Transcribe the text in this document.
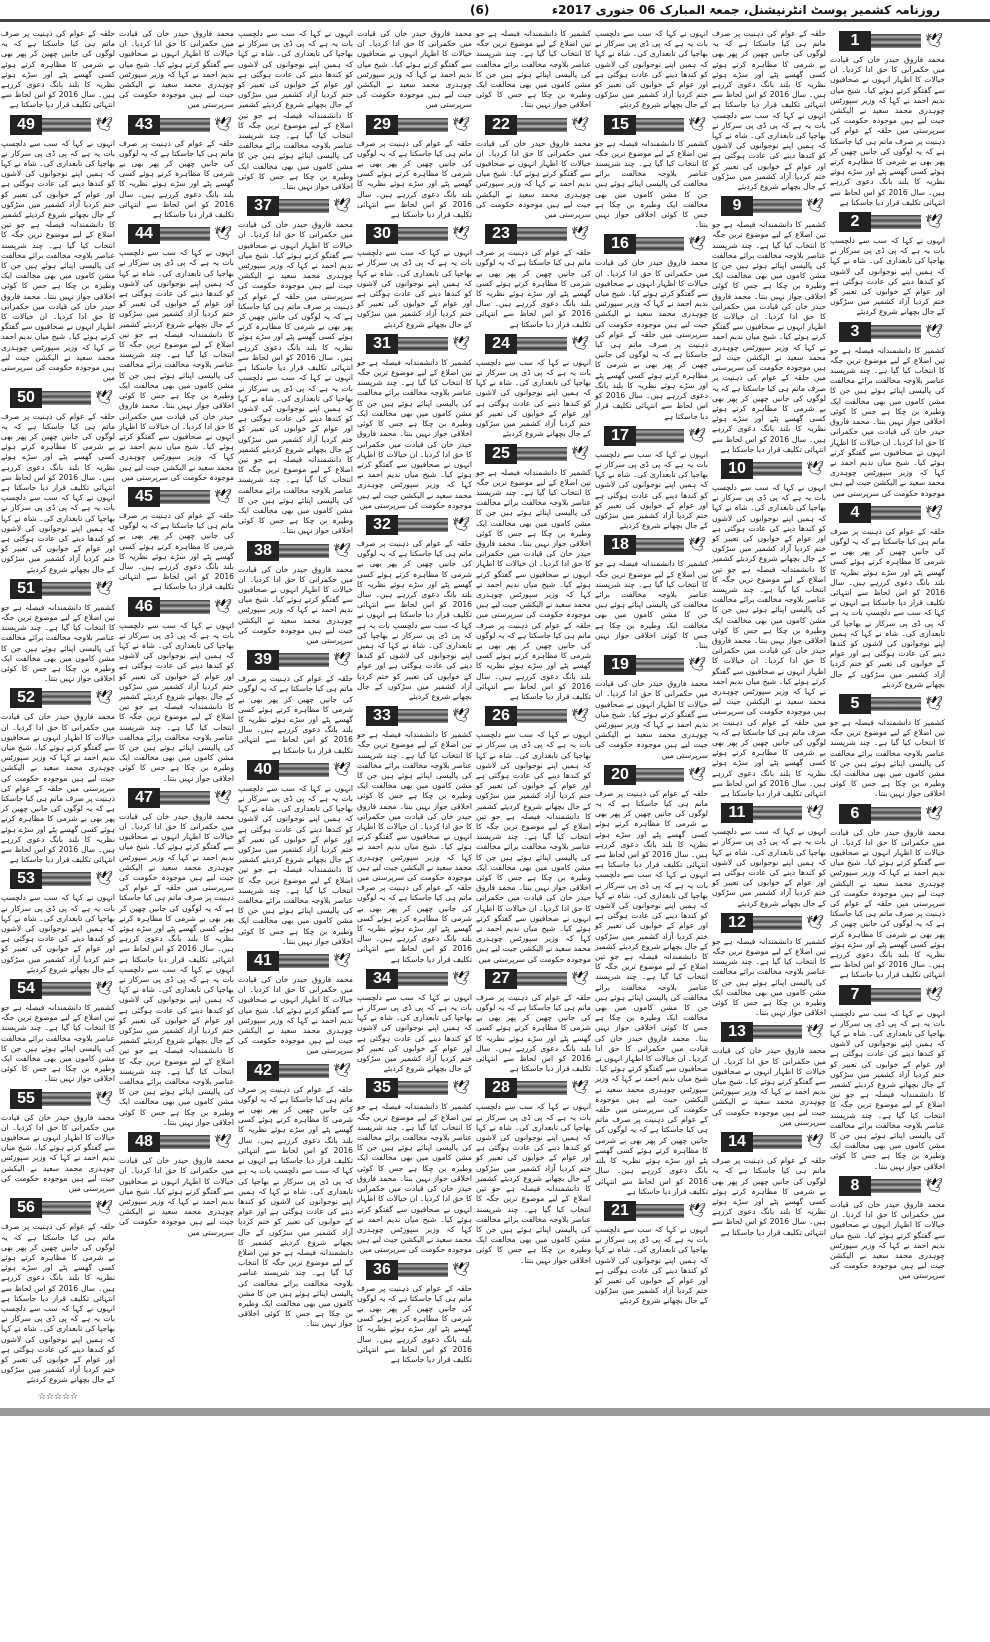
روزنامہ کشمیر پوسٹ انٹرنیشنل، جمعۃ المبارک 06 جنوری 2017ء
(6)
1	🕊
محمد فاروق حیدر خان کی قیادت میں حکمرانی کا حق ادا کردیا۔ ان خیالات کا اظہار انہوں نے صحافیوں سے گفتگو کرتے ہوئے کیا۔ شیخ میاں ندیم احمد نے کہا کہ وزیر سپورٹس چوہدری محمد سعید نے الیکشن جیت لیے ہیں موجودہ حکومت کی سرپرستی میں حلقہ کے عوام کی ذہنیت پر صرف ماتم ہی کیا جاسکتا ہے کہ یہ لوگوں کی جانیں چھین کر پھر بھی بے شرمی کا مظاہرہ کرتے ہوئے کسی گھسے پٹے اور سڑے ہوئے نظریہ کا بلند بانگ دعوی کررہے ہیں۔ سال 2016 کو اس لحاظ سے انتہائی تکلیف قرار دیا جاسکتا ہے
2	🕊
انہوں نے کہا کہ سب سے دلچسپ بات یہ ہے کہ پی ڈی پی سرکار نے بھاجپا کی تابعداری کی۔ شاہ نے کہا کہ ہمیں اپنے نوجوانوں کی لاشوں کو کندھا دینے کی عادت ہوگئی ہے اور عوام کے خوابوں کی تعبیر کو ختم کردیا آزاد کشمیر میں سڑکوں کے جال بچھانے شروع کردیئے
3	🕊
کشمیر کا دانشمندانہ فیصلہ ہے جو تین اضلاع کے لیے موضوع ترین جگہ کا انتخاب کیا گیا ہے۔ چند شرپسند عناصر بلاوجہ مخالفت برائے مخالفت کی پالیسی اپنائے ہوئے ہیں جن کا مشن کاموں میں بھی مخالفت ایک وطیرہ بن چکا ہے جس کا کوئی اخلاقی جواز نہیں بنتا۔ محمد فاروق حیدر خان کی قیادت میں حکمرانی کا حق ادا کردیا۔ ان خیالات کا اظہار انہوں نے صحافیوں سے گفتگو کرتے ہوئے کیا۔ شیخ میاں ندیم احمد نے کہا کہ وزیر سپورٹس چوہدری محمد سعید نے الیکشن جیت لیے ہیں موجودہ حکومت کی سرپرستی میں
4	🕊
حلقہ کے عوام کی ذہنیت پر صرف ماتم ہی کیا جاسکتا ہے کہ یہ لوگوں کی جانیں چھین کر پھر بھی بے شرمی کا مظاہرہ کرتے ہوئے کسی گھسے پٹے اور سڑے ہوئے نظریہ کا بلند بانگ دعوی کررہے ہیں۔ سال 2016 کو اس لحاظ سے انتہائی تکلیف قرار دیا جاسکتا ہے انہوں نے کہا کہ سب سے دلچسپ بات یہ ہے کہ پی ڈی پی سرکار نے بھاجپا کی تابعداری کی۔ شاہ نے کہا کہ ہمیں اپنے نوجوانوں کی لاشوں کو کندھا دینے کی عادت ہوگئی ہے اور عوام کے خوابوں کی تعبیر کو ختم کردیا آزاد کشمیر میں سڑکوں کے جال بچھانے شروع کردیئے
5	🕊
کشمیر کا دانشمندانہ فیصلہ ہے جو تین اضلاع کے لیے موضوع ترین جگہ کا انتخاب کیا گیا ہے۔ چند شرپسند عناصر بلاوجہ مخالفت برائے مخالفت کی پالیسی اپنائے ہوئے ہیں جن کا مشن کاموں میں بھی مخالفت ایک وطیرہ بن چکا ہے جس کا کوئی اخلاقی جواز نہیں بنتا۔
6	🕊
محمد فاروق حیدر خان کی قیادت میں حکمرانی کا حق ادا کردیا۔ ان خیالات کا اظہار انہوں نے صحافیوں سے گفتگو کرتے ہوئے کیا۔ شیخ میاں ندیم احمد نے کہا کہ وزیر سپورٹس چوہدری محمد سعید نے الیکشن جیت لیے ہیں موجودہ حکومت کی سرپرستی میں حلقہ کے عوام کی ذہنیت پر صرف ماتم ہی کیا جاسکتا ہے کہ یہ لوگوں کی جانیں چھین کر پھر بھی بے شرمی کا مظاہرہ کرتے ہوئے کسی گھسے پٹے اور سڑے ہوئے نظریہ کا بلند بانگ دعوی کررہے ہیں۔ سال 2016 کو اس لحاظ سے انتہائی تکلیف قرار دیا جاسکتا ہے
7	🕊
انہوں نے کہا کہ سب سے دلچسپ بات یہ ہے کہ پی ڈی پی سرکار نے بھاجپا کی تابعداری کی۔ شاہ نے کہا کہ ہمیں اپنے نوجوانوں کی لاشوں کو کندھا دینے کی عادت ہوگئی ہے اور عوام کے خوابوں کی تعبیر کو ختم کردیا آزاد کشمیر میں سڑکوں کے جال بچھانے شروع کردیئے کشمیر کا دانشمندانہ فیصلہ ہے جو تین اضلاع کے لیے موضوع ترین جگہ کا انتخاب کیا گیا ہے۔ چند شرپسند عناصر بلاوجہ مخالفت برائے مخالفت کی پالیسی اپنائے ہوئے ہیں جن کا مشن کاموں میں بھی مخالفت ایک وطیرہ بن چکا ہے جس کا کوئی اخلاقی جواز نہیں بنتا۔
8	🕊
محمد فاروق حیدر خان کی قیادت میں حکمرانی کا حق ادا کردیا۔ ان خیالات کا اظہار انہوں نے صحافیوں سے گفتگو کرتے ہوئے کیا۔ شیخ میاں ندیم احمد نے کہا کہ وزیر سپورٹس چوہدری محمد سعید نے الیکشن جیت لیے ہیں موجودہ حکومت کی سرپرستی میں
حلقہ کے عوام کی ذہنیت پر صرف ماتم ہی کیا جاسکتا ہے کہ یہ لوگوں کی جانیں چھین کر پھر بھی بے شرمی کا مظاہرہ کرتے ہوئے کسی گھسے پٹے اور سڑے ہوئے نظریہ کا بلند بانگ دعوی کررہے ہیں۔ سال 2016 کو اس لحاظ سے انتہائی تکلیف قرار دیا جاسکتا ہے انہوں نے کہا کہ سب سے دلچسپ بات یہ ہے کہ پی ڈی پی سرکار نے بھاجپا کی تابعداری کی۔ شاہ نے کہا کہ ہمیں اپنے نوجوانوں کی لاشوں کو کندھا دینے کی عادت ہوگئی ہے اور عوام کے خوابوں کی تعبیر کو ختم کردیا آزاد کشمیر میں سڑکوں کے جال بچھانے شروع کردیئے
9	🕊
کشمیر کا دانشمندانہ فیصلہ ہے جو تین اضلاع کے لیے موضوع ترین جگہ کا انتخاب کیا گیا ہے۔ چند شرپسند عناصر بلاوجہ مخالفت برائے مخالفت کی پالیسی اپنائے ہوئے ہیں جن کا مشن کاموں میں بھی مخالفت ایک وطیرہ بن چکا ہے جس کا کوئی اخلاقی جواز نہیں بنتا۔ محمد فاروق حیدر خان کی قیادت میں حکمرانی کا حق ادا کردیا۔ ان خیالات کا اظہار انہوں نے صحافیوں سے گفتگو کرتے ہوئے کیا۔ شیخ میاں ندیم احمد نے کہا کہ وزیر سپورٹس چوہدری محمد سعید نے الیکشن جیت لیے ہیں موجودہ حکومت کی سرپرستی میں حلقہ کے عوام کی ذہنیت پر صرف ماتم ہی کیا جاسکتا ہے کہ یہ لوگوں کی جانیں چھین کر پھر بھی بے شرمی کا مظاہرہ کرتے ہوئے کسی گھسے پٹے اور سڑے ہوئے نظریہ کا بلند بانگ دعوی کررہے ہیں۔ سال 2016 کو اس لحاظ سے انتہائی تکلیف قرار دیا جاسکتا ہے
10	🕊
انہوں نے کہا کہ سب سے دلچسپ بات یہ ہے کہ پی ڈی پی سرکار نے بھاجپا کی تابعداری کی۔ شاہ نے کہا کہ ہمیں اپنے نوجوانوں کی لاشوں کو کندھا دینے کی عادت ہوگئی ہے اور عوام کے خوابوں کی تعبیر کو ختم کردیا آزاد کشمیر میں سڑکوں کے جال بچھانے شروع کردیئے کشمیر کا دانشمندانہ فیصلہ ہے جو تین اضلاع کے لیے موضوع ترین جگہ کا انتخاب کیا گیا ہے۔ چند شرپسند عناصر بلاوجہ مخالفت برائے مخالفت کی پالیسی اپنائے ہوئے ہیں جن کا مشن کاموں میں بھی مخالفت ایک وطیرہ بن چکا ہے جس کا کوئی اخلاقی جواز نہیں بنتا۔ محمد فاروق حیدر خان کی قیادت میں حکمرانی کا حق ادا کردیا۔ ان خیالات کا اظہار انہوں نے صحافیوں سے گفتگو کرتے ہوئے کیا۔ شیخ میاں ندیم احمد نے کہا کہ وزیر سپورٹس چوہدری محمد سعید نے الیکشن جیت لیے ہیں موجودہ حکومت کی سرپرستی میں حلقہ کے عوام کی ذہنیت پر صرف ماتم ہی کیا جاسکتا ہے کہ یہ لوگوں کی جانیں چھین کر پھر بھی بے شرمی کا مظاہرہ کرتے ہوئے کسی گھسے پٹے اور سڑے ہوئے نظریہ کا بلند بانگ دعوی کررہے ہیں۔ سال 2016 کو اس لحاظ سے انتہائی تکلیف قرار دیا جاسکتا ہے
11	🕊
انہوں نے کہا کہ سب سے دلچسپ بات یہ ہے کہ پی ڈی پی سرکار نے بھاجپا کی تابعداری کی۔ شاہ نے کہا کہ ہمیں اپنے نوجوانوں کی لاشوں کو کندھا دینے کی عادت ہوگئی ہے اور عوام کے خوابوں کی تعبیر کو ختم کردیا آزاد کشمیر میں سڑکوں کے جال بچھانے شروع کردیئے
12	🕊
کشمیر کا دانشمندانہ فیصلہ ہے جو تین اضلاع کے لیے موضوع ترین جگہ کا انتخاب کیا گیا ہے۔ چند شرپسند عناصر بلاوجہ مخالفت برائے مخالفت کی پالیسی اپنائے ہوئے ہیں جن کا مشن کاموں میں بھی مخالفت ایک وطیرہ بن چکا ہے جس کا کوئی اخلاقی جواز نہیں بنتا۔
13	🕊
محمد فاروق حیدر خان کی قیادت میں حکمرانی کا حق ادا کردیا۔ ان خیالات کا اظہار انہوں نے صحافیوں سے گفتگو کرتے ہوئے کیا۔ شیخ میاں ندیم احمد نے کہا کہ وزیر سپورٹس چوہدری محمد سعید نے الیکشن جیت لیے ہیں موجودہ حکومت کی سرپرستی میں
14	🕊
حلقہ کے عوام کی ذہنیت پر صرف ماتم ہی کیا جاسکتا ہے کہ یہ لوگوں کی جانیں چھین کر پھر بھی بے شرمی کا مظاہرہ کرتے ہوئے کسی گھسے پٹے اور سڑے ہوئے نظریہ کا بلند بانگ دعوی کررہے ہیں۔ سال 2016 کو اس لحاظ سے انتہائی تکلیف قرار دیا جاسکتا ہے
انہوں نے کہا کہ سب سے دلچسپ بات یہ ہے کہ پی ڈی پی سرکار نے بھاجپا کی تابعداری کی۔ شاہ نے کہا کہ ہمیں اپنے نوجوانوں کی لاشوں کو کندھا دینے کی عادت ہوگئی ہے اور عوام کے خوابوں کی تعبیر کو ختم کردیا آزاد کشمیر میں سڑکوں کے جال بچھانے شروع کردیئے
15	🕊
کشمیر کا دانشمندانہ فیصلہ ہے جو تین اضلاع کے لیے موضوع ترین جگہ کا انتخاب کیا گیا ہے۔ چند شرپسند عناصر بلاوجہ مخالفت برائے مخالفت کی پالیسی اپنائے ہوئے ہیں جن کا مشن کاموں میں بھی مخالفت ایک وطیرہ بن چکا ہے جس کا کوئی اخلاقی جواز نہیں بنتا۔
16	🕊
محمد فاروق حیدر خان کی قیادت میں حکمرانی کا حق ادا کردیا۔ ان خیالات کا اظہار انہوں نے صحافیوں سے گفتگو کرتے ہوئے کیا۔ شیخ میاں ندیم احمد نے کہا کہ وزیر سپورٹس چوہدری محمد سعید نے الیکشن جیت لیے ہیں موجودہ حکومت کی سرپرستی میں حلقہ کے عوام کی ذہنیت پر صرف ماتم ہی کیا جاسکتا ہے کہ یہ لوگوں کی جانیں چھین کر پھر بھی بے شرمی کا مظاہرہ کرتے ہوئے کسی گھسے پٹے اور سڑے ہوئے نظریہ کا بلند بانگ دعوی کررہے ہیں۔ سال 2016 کو اس لحاظ سے انتہائی تکلیف قرار دیا جاسکتا ہے
17	🕊
انہوں نے کہا کہ سب سے دلچسپ بات یہ ہے کہ پی ڈی پی سرکار نے بھاجپا کی تابعداری کی۔ شاہ نے کہا کہ ہمیں اپنے نوجوانوں کی لاشوں کو کندھا دینے کی عادت ہوگئی ہے اور عوام کے خوابوں کی تعبیر کو ختم کردیا آزاد کشمیر میں سڑکوں کے جال بچھانے شروع کردیئے
18	🕊
کشمیر کا دانشمندانہ فیصلہ ہے جو تین اضلاع کے لیے موضوع ترین جگہ کا انتخاب کیا گیا ہے۔ چند شرپسند عناصر بلاوجہ مخالفت برائے مخالفت کی پالیسی اپنائے ہوئے ہیں جن کا مشن کاموں میں بھی مخالفت ایک وطیرہ بن چکا ہے جس کا کوئی اخلاقی جواز نہیں بنتا۔
19	🕊
محمد فاروق حیدر خان کی قیادت میں حکمرانی کا حق ادا کردیا۔ ان خیالات کا اظہار انہوں نے صحافیوں سے گفتگو کرتے ہوئے کیا۔ شیخ میاں ندیم احمد نے کہا کہ وزیر سپورٹس چوہدری محمد سعید نے الیکشن جیت لیے ہیں موجودہ حکومت کی سرپرستی میں
20	🕊
حلقہ کے عوام کی ذہنیت پر صرف ماتم ہی کیا جاسکتا ہے کہ یہ لوگوں کی جانیں چھین کر پھر بھی بے شرمی کا مظاہرہ کرتے ہوئے کسی گھسے پٹے اور سڑے ہوئے نظریہ کا بلند بانگ دعوی کررہے ہیں۔ سال 2016 کو اس لحاظ سے انتہائی تکلیف قرار دیا جاسکتا ہے انہوں نے کہا کہ سب سے دلچسپ بات یہ ہے کہ پی ڈی پی سرکار نے بھاجپا کی تابعداری کی۔ شاہ نے کہا کہ ہمیں اپنے نوجوانوں کی لاشوں کو کندھا دینے کی عادت ہوگئی ہے اور عوام کے خوابوں کی تعبیر کو ختم کردیا آزاد کشمیر میں سڑکوں کے جال بچھانے شروع کردیئے کشمیر کا دانشمندانہ فیصلہ ہے جو تین اضلاع کے لیے موضوع ترین جگہ کا انتخاب کیا گیا ہے۔ چند شرپسند عناصر بلاوجہ مخالفت برائے مخالفت کی پالیسی اپنائے ہوئے ہیں جن کا مشن کاموں میں بھی مخالفت ایک وطیرہ بن چکا ہے جس کا کوئی اخلاقی جواز نہیں بنتا۔ محمد فاروق حیدر خان کی قیادت میں حکمرانی کا حق ادا کردیا۔ ان خیالات کا اظہار انہوں نے صحافیوں سے گفتگو کرتے ہوئے کیا۔ شیخ میاں ندیم احمد نے کہا کہ وزیر سپورٹس چوہدری محمد سعید نے الیکشن جیت لیے ہیں موجودہ حکومت کی سرپرستی میں حلقہ کے عوام کی ذہنیت پر صرف ماتم ہی کیا جاسکتا ہے کہ یہ لوگوں کی جانیں چھین کر پھر بھی بے شرمی کا مظاہرہ کرتے ہوئے کسی گھسے پٹے اور سڑے ہوئے نظریہ کا بلند بانگ دعوی کررہے ہیں۔ سال 2016 کو اس لحاظ سے انتہائی تکلیف قرار دیا جاسکتا ہے
21	🕊
انہوں نے کہا کہ سب سے دلچسپ بات یہ ہے کہ پی ڈی پی سرکار نے بھاجپا کی تابعداری کی۔ شاہ نے کہا کہ ہمیں اپنے نوجوانوں کی لاشوں کو کندھا دینے کی عادت ہوگئی ہے اور عوام کے خوابوں کی تعبیر کو ختم کردیا آزاد کشمیر میں سڑکوں کے جال بچھانے شروع کردیئے
کشمیر کا دانشمندانہ فیصلہ ہے جو تین اضلاع کے لیے موضوع ترین جگہ کا انتخاب کیا گیا ہے۔ چند شرپسند عناصر بلاوجہ مخالفت برائے مخالفت کی پالیسی اپنائے ہوئے ہیں جن کا مشن کاموں میں بھی مخالفت ایک وطیرہ بن چکا ہے جس کا کوئی اخلاقی جواز نہیں بنتا۔
22	🕊
محمد فاروق حیدر خان کی قیادت میں حکمرانی کا حق ادا کردیا۔ ان خیالات کا اظہار انہوں نے صحافیوں سے گفتگو کرتے ہوئے کیا۔ شیخ میاں ندیم احمد نے کہا کہ وزیر سپورٹس چوہدری محمد سعید نے الیکشن جیت لیے ہیں موجودہ حکومت کی سرپرستی میں
23	🕊
حلقہ کے عوام کی ذہنیت پر صرف ماتم ہی کیا جاسکتا ہے کہ یہ لوگوں کی جانیں چھین کر پھر بھی بے شرمی کا مظاہرہ کرتے ہوئے کسی گھسے پٹے اور سڑے ہوئے نظریہ کا بلند بانگ دعوی کررہے ہیں۔ سال 2016 کو اس لحاظ سے انتہائی تکلیف قرار دیا جاسکتا ہے
24	🕊
انہوں نے کہا کہ سب سے دلچسپ بات یہ ہے کہ پی ڈی پی سرکار نے بھاجپا کی تابعداری کی۔ شاہ نے کہا کہ ہمیں اپنے نوجوانوں کی لاشوں کو کندھا دینے کی عادت ہوگئی ہے اور عوام کے خوابوں کی تعبیر کو ختم کردیا آزاد کشمیر میں سڑکوں کے جال بچھانے شروع کردیئے
25	🕊
کشمیر کا دانشمندانہ فیصلہ ہے جو تین اضلاع کے لیے موضوع ترین جگہ کا انتخاب کیا گیا ہے۔ چند شرپسند عناصر بلاوجہ مخالفت برائے مخالفت کی پالیسی اپنائے ہوئے ہیں جن کا مشن کاموں میں بھی مخالفت ایک وطیرہ بن چکا ہے جس کا کوئی اخلاقی جواز نہیں بنتا۔ محمد فاروق حیدر خان کی قیادت میں حکمرانی کا حق ادا کردیا۔ ان خیالات کا اظہار انہوں نے صحافیوں سے گفتگو کرتے ہوئے کیا۔ شیخ میاں ندیم احمد نے کہا کہ وزیر سپورٹس چوہدری محمد سعید نے الیکشن جیت لیے ہیں موجودہ حکومت کی سرپرستی میں حلقہ کے عوام کی ذہنیت پر صرف ماتم ہی کیا جاسکتا ہے کہ یہ لوگوں کی جانیں چھین کر پھر بھی بے شرمی کا مظاہرہ کرتے ہوئے کسی گھسے پٹے اور سڑے ہوئے نظریہ کا بلند بانگ دعوی کررہے ہیں۔ سال 2016 کو اس لحاظ سے انتہائی تکلیف قرار دیا جاسکتا ہے
26	🕊
انہوں نے کہا کہ سب سے دلچسپ بات یہ ہے کہ پی ڈی پی سرکار نے بھاجپا کی تابعداری کی۔ شاہ نے کہا کہ ہمیں اپنے نوجوانوں کی لاشوں کو کندھا دینے کی عادت ہوگئی ہے اور عوام کے خوابوں کی تعبیر کو ختم کردیا آزاد کشمیر میں سڑکوں کے جال بچھانے شروع کردیئے کشمیر کا دانشمندانہ فیصلہ ہے جو تین اضلاع کے لیے موضوع ترین جگہ کا انتخاب کیا گیا ہے۔ چند شرپسند عناصر بلاوجہ مخالفت برائے مخالفت کی پالیسی اپنائے ہوئے ہیں جن کا مشن کاموں میں بھی مخالفت ایک وطیرہ بن چکا ہے جس کا کوئی اخلاقی جواز نہیں بنتا۔ محمد فاروق حیدر خان کی قیادت میں حکمرانی کا حق ادا کردیا۔ ان خیالات کا اظہار انہوں نے صحافیوں سے گفتگو کرتے ہوئے کیا۔ شیخ میاں ندیم احمد نے کہا کہ وزیر سپورٹس چوہدری محمد سعید نے الیکشن جیت لیے ہیں موجودہ حکومت کی سرپرستی میں
27	🕊
حلقہ کے عوام کی ذہنیت پر صرف ماتم ہی کیا جاسکتا ہے کہ یہ لوگوں کی جانیں چھین کر پھر بھی بے شرمی کا مظاہرہ کرتے ہوئے کسی گھسے پٹے اور سڑے ہوئے نظریہ کا بلند بانگ دعوی کررہے ہیں۔ سال 2016 کو اس لحاظ سے انتہائی تکلیف قرار دیا جاسکتا ہے
28	🕊
انہوں نے کہا کہ سب سے دلچسپ بات یہ ہے کہ پی ڈی پی سرکار نے بھاجپا کی تابعداری کی۔ شاہ نے کہا کہ ہمیں اپنے نوجوانوں کی لاشوں کو کندھا دینے کی عادت ہوگئی ہے اور عوام کے خوابوں کی تعبیر کو ختم کردیا آزاد کشمیر میں سڑکوں کے جال بچھانے شروع کردیئے کشمیر کا دانشمندانہ فیصلہ ہے جو تین اضلاع کے لیے موضوع ترین جگہ کا انتخاب کیا گیا ہے۔ چند شرپسند عناصر بلاوجہ مخالفت برائے مخالفت کی پالیسی اپنائے ہوئے ہیں جن کا مشن کاموں میں بھی مخالفت ایک وطیرہ بن چکا ہے جس کا کوئی اخلاقی جواز نہیں بنتا۔
محمد فاروق حیدر خان کی قیادت میں حکمرانی کا حق ادا کردیا۔ ان خیالات کا اظہار انہوں نے صحافیوں سے گفتگو کرتے ہوئے کیا۔ شیخ میاں ندیم احمد نے کہا کہ وزیر سپورٹس چوہدری محمد سعید نے الیکشن جیت لیے ہیں موجودہ حکومت کی سرپرستی میں
29	🕊
حلقہ کے عوام کی ذہنیت پر صرف ماتم ہی کیا جاسکتا ہے کہ یہ لوگوں کی جانیں چھین کر پھر بھی بے شرمی کا مظاہرہ کرتے ہوئے کسی گھسے پٹے اور سڑے ہوئے نظریہ کا بلند بانگ دعوی کررہے ہیں۔ سال 2016 کو اس لحاظ سے انتہائی تکلیف قرار دیا جاسکتا ہے
30	🕊
انہوں نے کہا کہ سب سے دلچسپ بات یہ ہے کہ پی ڈی پی سرکار نے بھاجپا کی تابعداری کی۔ شاہ نے کہا کہ ہمیں اپنے نوجوانوں کی لاشوں کو کندھا دینے کی عادت ہوگئی ہے اور عوام کے خوابوں کی تعبیر کو ختم کردیا آزاد کشمیر میں سڑکوں کے جال بچھانے شروع کردیئے
31	🕊
کشمیر کا دانشمندانہ فیصلہ ہے جو تین اضلاع کے لیے موضوع ترین جگہ کا انتخاب کیا گیا ہے۔ چند شرپسند عناصر بلاوجہ مخالفت برائے مخالفت کی پالیسی اپنائے ہوئے ہیں جن کا مشن کاموں میں بھی مخالفت ایک وطیرہ بن چکا ہے جس کا کوئی اخلاقی جواز نہیں بنتا۔ محمد فاروق حیدر خان کی قیادت میں حکمرانی کا حق ادا کردیا۔ ان خیالات کا اظہار انہوں نے صحافیوں سے گفتگو کرتے ہوئے کیا۔ شیخ میاں ندیم احمد نے کہا کہ وزیر سپورٹس چوہدری محمد سعید نے الیکشن جیت لیے ہیں موجودہ حکومت کی سرپرستی میں
32	🕊
حلقہ کے عوام کی ذہنیت پر صرف ماتم ہی کیا جاسکتا ہے کہ یہ لوگوں کی جانیں چھین کر پھر بھی بے شرمی کا مظاہرہ کرتے ہوئے کسی گھسے پٹے اور سڑے ہوئے نظریہ کا بلند بانگ دعوی کررہے ہیں۔ سال 2016 کو اس لحاظ سے انتہائی تکلیف قرار دیا جاسکتا ہے انہوں نے کہا کہ سب سے دلچسپ بات یہ ہے کہ پی ڈی پی سرکار نے بھاجپا کی تابعداری کی۔ شاہ نے کہا کہ ہمیں اپنے نوجوانوں کی لاشوں کو کندھا دینے کی عادت ہوگئی ہے اور عوام کے خوابوں کی تعبیر کو ختم کردیا آزاد کشمیر میں سڑکوں کے جال بچھانے شروع کردیئے
33	🕊
کشمیر کا دانشمندانہ فیصلہ ہے جو تین اضلاع کے لیے موضوع ترین جگہ کا انتخاب کیا گیا ہے۔ چند شرپسند عناصر بلاوجہ مخالفت برائے مخالفت کی پالیسی اپنائے ہوئے ہیں جن کا مشن کاموں میں بھی مخالفت ایک وطیرہ بن چکا ہے جس کا کوئی اخلاقی جواز نہیں بنتا۔ محمد فاروق حیدر خان کی قیادت میں حکمرانی کا حق ادا کردیا۔ ان خیالات کا اظہار انہوں نے صحافیوں سے گفتگو کرتے ہوئے کیا۔ شیخ میاں ندیم احمد نے کہا کہ وزیر سپورٹس چوہدری محمد سعید نے الیکشن جیت لیے ہیں موجودہ حکومت کی سرپرستی میں حلقہ کے عوام کی ذہنیت پر صرف ماتم ہی کیا جاسکتا ہے کہ یہ لوگوں کی جانیں چھین کر پھر بھی بے شرمی کا مظاہرہ کرتے ہوئے کسی گھسے پٹے اور سڑے ہوئے نظریہ کا بلند بانگ دعوی کررہے ہیں۔ سال 2016 کو اس لحاظ سے انتہائی تکلیف قرار دیا جاسکتا ہے
34	🕊
انہوں نے کہا کہ سب سے دلچسپ بات یہ ہے کہ پی ڈی پی سرکار نے بھاجپا کی تابعداری کی۔ شاہ نے کہا کہ ہمیں اپنے نوجوانوں کی لاشوں کو کندھا دینے کی عادت ہوگئی ہے اور عوام کے خوابوں کی تعبیر کو ختم کردیا آزاد کشمیر میں سڑکوں کے جال بچھانے شروع کردیئے
35	🕊
کشمیر کا دانشمندانہ فیصلہ ہے جو تین اضلاع کے لیے موضوع ترین جگہ کا انتخاب کیا گیا ہے۔ چند شرپسند عناصر بلاوجہ مخالفت برائے مخالفت کی پالیسی اپنائے ہوئے ہیں جن کا مشن کاموں میں بھی مخالفت ایک وطیرہ بن چکا ہے جس کا کوئی اخلاقی جواز نہیں بنتا۔ محمد فاروق حیدر خان کی قیادت میں حکمرانی کا حق ادا کردیا۔ ان خیالات کا اظہار انہوں نے صحافیوں سے گفتگو کرتے ہوئے کیا۔ شیخ میاں ندیم احمد نے کہا کہ وزیر سپورٹس چوہدری محمد سعید نے الیکشن جیت لیے ہیں موجودہ حکومت کی سرپرستی میں
36	🕊
حلقہ کے عوام کی ذہنیت پر صرف ماتم ہی کیا جاسکتا ہے کہ یہ لوگوں کی جانیں چھین کر پھر بھی بے شرمی کا مظاہرہ کرتے ہوئے کسی گھسے پٹے اور سڑے ہوئے نظریہ کا بلند بانگ دعوی کررہے ہیں۔ سال 2016 کو اس لحاظ سے انتہائی تکلیف قرار دیا جاسکتا ہے
انہوں نے کہا کہ سب سے دلچسپ بات یہ ہے کہ پی ڈی پی سرکار نے بھاجپا کی تابعداری کی۔ شاہ نے کہا کہ ہمیں اپنے نوجوانوں کی لاشوں کو کندھا دینے کی عادت ہوگئی ہے اور عوام کے خوابوں کی تعبیر کو ختم کردیا آزاد کشمیر میں سڑکوں کے جال بچھانے شروع کردیئے کشمیر کا دانشمندانہ فیصلہ ہے جو تین اضلاع کے لیے موضوع ترین جگہ کا انتخاب کیا گیا ہے۔ چند شرپسند عناصر بلاوجہ مخالفت برائے مخالفت کی پالیسی اپنائے ہوئے ہیں جن کا مشن کاموں میں بھی مخالفت ایک وطیرہ بن چکا ہے جس کا کوئی اخلاقی جواز نہیں بنتا۔
37	🕊
محمد فاروق حیدر خان کی قیادت میں حکمرانی کا حق ادا کردیا۔ ان خیالات کا اظہار انہوں نے صحافیوں سے گفتگو کرتے ہوئے کیا۔ شیخ میاں ندیم احمد نے کہا کہ وزیر سپورٹس چوہدری محمد سعید نے الیکشن جیت لیے ہیں موجودہ حکومت کی سرپرستی میں حلقہ کے عوام کی ذہنیت پر صرف ماتم ہی کیا جاسکتا ہے کہ یہ لوگوں کی جانیں چھین کر پھر بھی بے شرمی کا مظاہرہ کرتے ہوئے کسی گھسے پٹے اور سڑے ہوئے نظریہ کا بلند بانگ دعوی کررہے ہیں۔ سال 2016 کو اس لحاظ سے انتہائی تکلیف قرار دیا جاسکتا ہے انہوں نے کہا کہ سب سے دلچسپ بات یہ ہے کہ پی ڈی پی سرکار نے بھاجپا کی تابعداری کی۔ شاہ نے کہا کہ ہمیں اپنے نوجوانوں کی لاشوں کو کندھا دینے کی عادت ہوگئی ہے اور عوام کے خوابوں کی تعبیر کو ختم کردیا آزاد کشمیر میں سڑکوں کے جال بچھانے شروع کردیئے کشمیر کا دانشمندانہ فیصلہ ہے جو تین اضلاع کے لیے موضوع ترین جگہ کا انتخاب کیا گیا ہے۔ چند شرپسند عناصر بلاوجہ مخالفت برائے مخالفت کی پالیسی اپنائے ہوئے ہیں جن کا مشن کاموں میں بھی مخالفت ایک وطیرہ بن چکا ہے جس کا کوئی اخلاقی جواز نہیں بنتا۔
38	🕊
محمد فاروق حیدر خان کی قیادت میں حکمرانی کا حق ادا کردیا۔ ان خیالات کا اظہار انہوں نے صحافیوں سے گفتگو کرتے ہوئے کیا۔ شیخ میاں ندیم احمد نے کہا کہ وزیر سپورٹس چوہدری محمد سعید نے الیکشن جیت لیے ہیں موجودہ حکومت کی سرپرستی میں
39	🕊
حلقہ کے عوام کی ذہنیت پر صرف ماتم ہی کیا جاسکتا ہے کہ یہ لوگوں کی جانیں چھین کر پھر بھی بے شرمی کا مظاہرہ کرتے ہوئے کسی گھسے پٹے اور سڑے ہوئے نظریہ کا بلند بانگ دعوی کررہے ہیں۔ سال 2016 کو اس لحاظ سے انتہائی تکلیف قرار دیا جاسکتا ہے
40	🕊
انہوں نے کہا کہ سب سے دلچسپ بات یہ ہے کہ پی ڈی پی سرکار نے بھاجپا کی تابعداری کی۔ شاہ نے کہا کہ ہمیں اپنے نوجوانوں کی لاشوں کو کندھا دینے کی عادت ہوگئی ہے اور عوام کے خوابوں کی تعبیر کو ختم کردیا آزاد کشمیر میں سڑکوں کے جال بچھانے شروع کردیئے کشمیر کا دانشمندانہ فیصلہ ہے جو تین اضلاع کے لیے موضوع ترین جگہ کا انتخاب کیا گیا ہے۔ چند شرپسند عناصر بلاوجہ مخالفت برائے مخالفت کی پالیسی اپنائے ہوئے ہیں جن کا مشن کاموں میں بھی مخالفت ایک وطیرہ بن چکا ہے جس کا کوئی اخلاقی جواز نہیں بنتا۔
41	🕊
محمد فاروق حیدر خان کی قیادت میں حکمرانی کا حق ادا کردیا۔ ان خیالات کا اظہار انہوں نے صحافیوں سے گفتگو کرتے ہوئے کیا۔ شیخ میاں ندیم احمد نے کہا کہ وزیر سپورٹس چوہدری محمد سعید نے الیکشن جیت لیے ہیں موجودہ حکومت کی سرپرستی میں
42	🕊
حلقہ کے عوام کی ذہنیت پر صرف ماتم ہی کیا جاسکتا ہے کہ یہ لوگوں کی جانیں چھین کر پھر بھی بے شرمی کا مظاہرہ کرتے ہوئے کسی گھسے پٹے اور سڑے ہوئے نظریہ کا بلند بانگ دعوی کررہے ہیں۔ سال 2016 کو اس لحاظ سے انتہائی تکلیف قرار دیا جاسکتا ہے انہوں نے کہا کہ سب سے دلچسپ بات یہ ہے کہ پی ڈی پی سرکار نے بھاجپا کی تابعداری کی۔ شاہ نے کہا کہ ہمیں اپنے نوجوانوں کی لاشوں کو کندھا دینے کی عادت ہوگئی ہے اور عوام کے خوابوں کی تعبیر کو ختم کردیا آزاد کشمیر میں سڑکوں کے جال بچھانے شروع کردیئے کشمیر کا دانشمندانہ فیصلہ ہے جو تین اضلاع کے لیے موضوع ترین جگہ کا انتخاب کیا گیا ہے۔ چند شرپسند عناصر بلاوجہ مخالفت برائے مخالفت کی پالیسی اپنائے ہوئے ہیں جن کا مشن کاموں میں بھی مخالفت ایک وطیرہ بن چکا ہے جس کا کوئی اخلاقی جواز نہیں بنتا۔
محمد فاروق حیدر خان کی قیادت میں حکمرانی کا حق ادا کردیا۔ ان خیالات کا اظہار انہوں نے صحافیوں سے گفتگو کرتے ہوئے کیا۔ شیخ میاں ندیم احمد نے کہا کہ وزیر سپورٹس چوہدری محمد سعید نے الیکشن جیت لیے ہیں موجودہ حکومت کی سرپرستی میں
43	🕊
حلقہ کے عوام کی ذہنیت پر صرف ماتم ہی کیا جاسکتا ہے کہ یہ لوگوں کی جانیں چھین کر پھر بھی بے شرمی کا مظاہرہ کرتے ہوئے کسی گھسے پٹے اور سڑے ہوئے نظریہ کا بلند بانگ دعوی کررہے ہیں۔ سال 2016 کو اس لحاظ سے انتہائی تکلیف قرار دیا جاسکتا ہے
44	🕊
انہوں نے کہا کہ سب سے دلچسپ بات یہ ہے کہ پی ڈی پی سرکار نے بھاجپا کی تابعداری کی۔ شاہ نے کہا کہ ہمیں اپنے نوجوانوں کی لاشوں کو کندھا دینے کی عادت ہوگئی ہے اور عوام کے خوابوں کی تعبیر کو ختم کردیا آزاد کشمیر میں سڑکوں کے جال بچھانے شروع کردیئے کشمیر کا دانشمندانہ فیصلہ ہے جو تین اضلاع کے لیے موضوع ترین جگہ کا انتخاب کیا گیا ہے۔ چند شرپسند عناصر بلاوجہ مخالفت برائے مخالفت کی پالیسی اپنائے ہوئے ہیں جن کا مشن کاموں میں بھی مخالفت ایک وطیرہ بن چکا ہے جس کا کوئی اخلاقی جواز نہیں بنتا۔ محمد فاروق حیدر خان کی قیادت میں حکمرانی کا حق ادا کردیا۔ ان خیالات کا اظہار انہوں نے صحافیوں سے گفتگو کرتے ہوئے کیا۔ شیخ میاں ندیم احمد نے کہا کہ وزیر سپورٹس چوہدری محمد سعید نے الیکشن جیت لیے ہیں موجودہ حکومت کی سرپرستی میں
45	🕊
حلقہ کے عوام کی ذہنیت پر صرف ماتم ہی کیا جاسکتا ہے کہ یہ لوگوں کی جانیں چھین کر پھر بھی بے شرمی کا مظاہرہ کرتے ہوئے کسی گھسے پٹے اور سڑے ہوئے نظریہ کا بلند بانگ دعوی کررہے ہیں۔ سال 2016 کو اس لحاظ سے انتہائی تکلیف قرار دیا جاسکتا ہے
46	🕊
انہوں نے کہا کہ سب سے دلچسپ بات یہ ہے کہ پی ڈی پی سرکار نے بھاجپا کی تابعداری کی۔ شاہ نے کہا کہ ہمیں اپنے نوجوانوں کی لاشوں کو کندھا دینے کی عادت ہوگئی ہے اور عوام کے خوابوں کی تعبیر کو ختم کردیا آزاد کشمیر میں سڑکوں کے جال بچھانے شروع کردیئے کشمیر کا دانشمندانہ فیصلہ ہے جو تین اضلاع کے لیے موضوع ترین جگہ کا انتخاب کیا گیا ہے۔ چند شرپسند عناصر بلاوجہ مخالفت برائے مخالفت کی پالیسی اپنائے ہوئے ہیں جن کا مشن کاموں میں بھی مخالفت ایک وطیرہ بن چکا ہے جس کا کوئی اخلاقی جواز نہیں بنتا۔
47	🕊
محمد فاروق حیدر خان کی قیادت میں حکمرانی کا حق ادا کردیا۔ ان خیالات کا اظہار انہوں نے صحافیوں سے گفتگو کرتے ہوئے کیا۔ شیخ میاں ندیم احمد نے کہا کہ وزیر سپورٹس چوہدری محمد سعید نے الیکشن جیت لیے ہیں موجودہ حکومت کی سرپرستی میں حلقہ کے عوام کی ذہنیت پر صرف ماتم ہی کیا جاسکتا ہے کہ یہ لوگوں کی جانیں چھین کر پھر بھی بے شرمی کا مظاہرہ کرتے ہوئے کسی گھسے پٹے اور سڑے ہوئے نظریہ کا بلند بانگ دعوی کررہے ہیں۔ سال 2016 کو اس لحاظ سے انتہائی تکلیف قرار دیا جاسکتا ہے انہوں نے کہا کہ سب سے دلچسپ بات یہ ہے کہ پی ڈی پی سرکار نے بھاجپا کی تابعداری کی۔ شاہ نے کہا کہ ہمیں اپنے نوجوانوں کی لاشوں کو کندھا دینے کی عادت ہوگئی ہے اور عوام کے خوابوں کی تعبیر کو ختم کردیا آزاد کشمیر میں سڑکوں کے جال بچھانے شروع کردیئے کشمیر کا دانشمندانہ فیصلہ ہے جو تین اضلاع کے لیے موضوع ترین جگہ کا انتخاب کیا گیا ہے۔ چند شرپسند عناصر بلاوجہ مخالفت برائے مخالفت کی پالیسی اپنائے ہوئے ہیں جن کا مشن کاموں میں بھی مخالفت ایک وطیرہ بن چکا ہے جس کا کوئی اخلاقی جواز نہیں بنتا۔
48	🕊
محمد فاروق حیدر خان کی قیادت میں حکمرانی کا حق ادا کردیا۔ ان خیالات کا اظہار انہوں نے صحافیوں سے گفتگو کرتے ہوئے کیا۔ شیخ میاں ندیم احمد نے کہا کہ وزیر سپورٹس چوہدری محمد سعید نے الیکشن جیت لیے ہیں موجودہ حکومت کی سرپرستی میں
حلقہ کے عوام کی ذہنیت پر صرف ماتم ہی کیا جاسکتا ہے کہ یہ لوگوں کی جانیں چھین کر پھر بھی بے شرمی کا مظاہرہ کرتے ہوئے کسی گھسے پٹے اور سڑے ہوئے نظریہ کا بلند بانگ دعوی کررہے ہیں۔ سال 2016 کو اس لحاظ سے انتہائی تکلیف قرار دیا جاسکتا ہے
49	🕊
انہوں نے کہا کہ سب سے دلچسپ بات یہ ہے کہ پی ڈی پی سرکار نے بھاجپا کی تابعداری کی۔ شاہ نے کہا کہ ہمیں اپنے نوجوانوں کی لاشوں کو کندھا دینے کی عادت ہوگئی ہے اور عوام کے خوابوں کی تعبیر کو ختم کردیا آزاد کشمیر میں سڑکوں کے جال بچھانے شروع کردیئے کشمیر کا دانشمندانہ فیصلہ ہے جو تین اضلاع کے لیے موضوع ترین جگہ کا انتخاب کیا گیا ہے۔ چند شرپسند عناصر بلاوجہ مخالفت برائے مخالفت کی پالیسی اپنائے ہوئے ہیں جن کا مشن کاموں میں بھی مخالفت ایک وطیرہ بن چکا ہے جس کا کوئی اخلاقی جواز نہیں بنتا۔ محمد فاروق حیدر خان کی قیادت میں حکمرانی کا حق ادا کردیا۔ ان خیالات کا اظہار انہوں نے صحافیوں سے گفتگو کرتے ہوئے کیا۔ شیخ میاں ندیم احمد نے کہا کہ وزیر سپورٹس چوہدری محمد سعید نے الیکشن جیت لیے ہیں موجودہ حکومت کی سرپرستی میں
50	🕊
حلقہ کے عوام کی ذہنیت پر صرف ماتم ہی کیا جاسکتا ہے کہ یہ لوگوں کی جانیں چھین کر پھر بھی بے شرمی کا مظاہرہ کرتے ہوئے کسی گھسے پٹے اور سڑے ہوئے نظریہ کا بلند بانگ دعوی کررہے ہیں۔ سال 2016 کو اس لحاظ سے انتہائی تکلیف قرار دیا جاسکتا ہے انہوں نے کہا کہ سب سے دلچسپ بات یہ ہے کہ پی ڈی پی سرکار نے بھاجپا کی تابعداری کی۔ شاہ نے کہا کہ ہمیں اپنے نوجوانوں کی لاشوں کو کندھا دینے کی عادت ہوگئی ہے اور عوام کے خوابوں کی تعبیر کو ختم کردیا آزاد کشمیر میں سڑکوں کے جال بچھانے شروع کردیئے
51	🕊
کشمیر کا دانشمندانہ فیصلہ ہے جو تین اضلاع کے لیے موضوع ترین جگہ کا انتخاب کیا گیا ہے۔ چند شرپسند عناصر بلاوجہ مخالفت برائے مخالفت کی پالیسی اپنائے ہوئے ہیں جن کا مشن کاموں میں بھی مخالفت ایک وطیرہ بن چکا ہے جس کا کوئی اخلاقی جواز نہیں بنتا۔
52	🕊
محمد فاروق حیدر خان کی قیادت میں حکمرانی کا حق ادا کردیا۔ ان خیالات کا اظہار انہوں نے صحافیوں سے گفتگو کرتے ہوئے کیا۔ شیخ میاں ندیم احمد نے کہا کہ وزیر سپورٹس چوہدری محمد سعید نے الیکشن جیت لیے ہیں موجودہ حکومت کی سرپرستی میں حلقہ کے عوام کی ذہنیت پر صرف ماتم ہی کیا جاسکتا ہے کہ یہ لوگوں کی جانیں چھین کر پھر بھی بے شرمی کا مظاہرہ کرتے ہوئے کسی گھسے پٹے اور سڑے ہوئے نظریہ کا بلند بانگ دعوی کررہے ہیں۔ سال 2016 کو اس لحاظ سے انتہائی تکلیف قرار دیا جاسکتا ہے
53	🕊
انہوں نے کہا کہ سب سے دلچسپ بات یہ ہے کہ پی ڈی پی سرکار نے بھاجپا کی تابعداری کی۔ شاہ نے کہا کہ ہمیں اپنے نوجوانوں کی لاشوں کو کندھا دینے کی عادت ہوگئی ہے اور عوام کے خوابوں کی تعبیر کو ختم کردیا آزاد کشمیر میں سڑکوں کے جال بچھانے شروع کردیئے
54	🕊
کشمیر کا دانشمندانہ فیصلہ ہے جو تین اضلاع کے لیے موضوع ترین جگہ کا انتخاب کیا گیا ہے۔ چند شرپسند عناصر بلاوجہ مخالفت برائے مخالفت کی پالیسی اپنائے ہوئے ہیں جن کا مشن کاموں میں بھی مخالفت ایک وطیرہ بن چکا ہے جس کا کوئی اخلاقی جواز نہیں بنتا۔
55	🕊
محمد فاروق حیدر خان کی قیادت میں حکمرانی کا حق ادا کردیا۔ ان خیالات کا اظہار انہوں نے صحافیوں سے گفتگو کرتے ہوئے کیا۔ شیخ میاں ندیم احمد نے کہا کہ وزیر سپورٹس چوہدری محمد سعید نے الیکشن جیت لیے ہیں موجودہ حکومت کی سرپرستی میں
56	🕊
حلقہ کے عوام کی ذہنیت پر صرف ماتم ہی کیا جاسکتا ہے کہ یہ لوگوں کی جانیں چھین کر پھر بھی بے شرمی کا مظاہرہ کرتے ہوئے کسی گھسے پٹے اور سڑے ہوئے نظریہ کا بلند بانگ دعوی کررہے ہیں۔ سال 2016 کو اس لحاظ سے انتہائی تکلیف قرار دیا جاسکتا ہے انہوں نے کہا کہ سب سے دلچسپ بات یہ ہے کہ پی ڈی پی سرکار نے بھاجپا کی تابعداری کی۔ شاہ نے کہا کہ ہمیں اپنے نوجوانوں کی لاشوں کو کندھا دینے کی عادت ہوگئی ہے اور عوام کے خوابوں کی تعبیر کو ختم کردیا آزاد کشمیر میں سڑکوں کے جال بچھانے شروع کردیئے
☆☆☆☆☆
